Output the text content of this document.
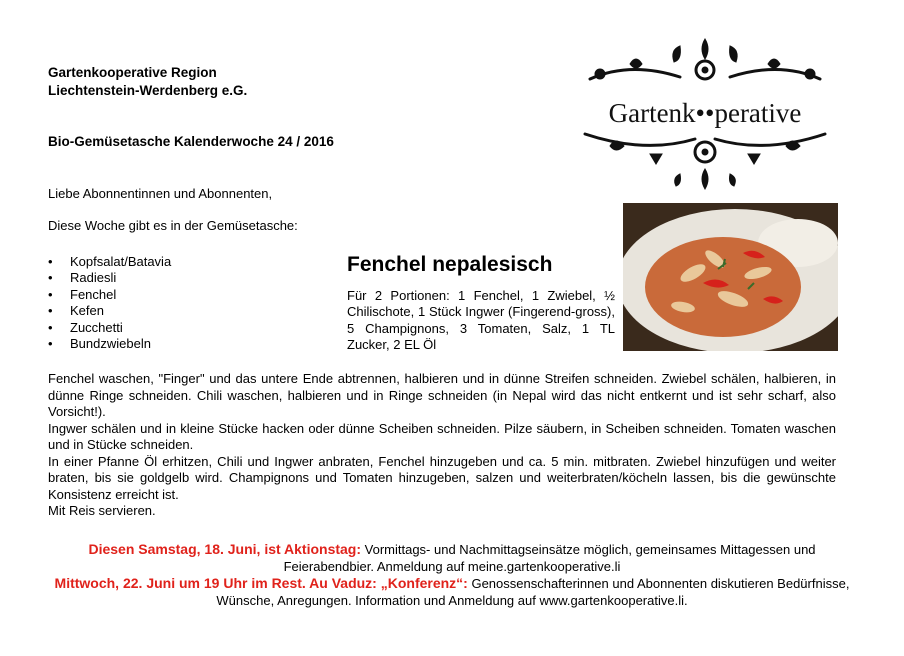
Gartenkooperative Region
Liechtenstein-Werdenberg e.G.
Bio-Gemüsetasche Kalenderwoche 24 / 2016
Gartenk••perative
Liebe Abonnentinnen und Abonnenten,
Diese Woche gibt es in der Gemüsetasche:
• Kopfsalat/Batavia
• Radiesli
• Fenchel
• Kefen
• Zucchetti
• Bundzwiebeln
Fenchel nepalesisch
Für 2 Portionen: 1 Fenchel, 1 Zwiebel, ½ Chilischote, 1 Stück Ingwer (Fingerend-gross), 5 Champignons, 3 Tomaten, Salz, 1 TL Zucker, 2 EL Öl

Fenchel waschen, "Finger" und das untere Ende abtrennen, halbieren und in dünne Streifen schneiden. Zwiebel schälen, halbieren, in dünne Ringe schneiden. Chili waschen, halbieren und in Ringe schneiden (in Nepal wird das nicht entkernt und ist sehr scharf, also Vorsicht!).

Ingwer schälen und in kleine Stücke hacken oder dünne Scheiben schneiden. Pilze säubern, in Scheiben schneiden. Tomaten waschen und in Stücke schneiden.

In einer Pfanne Öl erhitzen, Chili und Ingwer anbraten, Fenchel hinzugeben und ca. 5 min. mitbraten. Zwiebel hinzufügen und weiter braten, bis sie goldgelb wird. Champignons und Tomaten hinzugeben, salzen und weiterbraten/köcheln lassen, bis die gewünschte Konsistenz erreicht ist.

Mit Reis servieren.

Diesen Samstag, 18. Juni, ist Aktionstag: Vormittags- und Nachmittagseinsätze möglich, gemeinsames Mittagessen und Feierabendbier. Anmeldung auf meine.gartenkooperative.li

Mittwoch, 22. Juni um 19 Uhr im Rest. Au Vaduz: „Konferenz“: Genossenschafterinnen und Abonnenten diskutieren Bedürfnisse, Wünsche, Anregungen. Information und Anmeldung auf www.gartenkooperative.li.
